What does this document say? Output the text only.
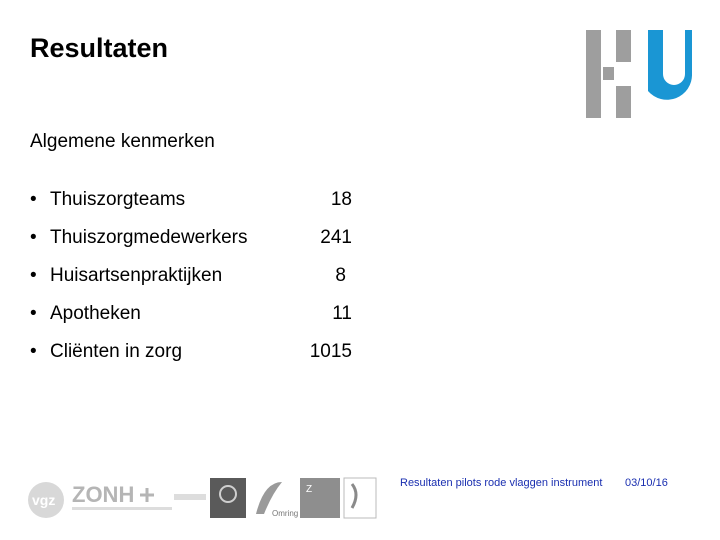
Resultaten
Algemene kenmerken
• Thuiszorgteams	18
• Thuiszorgmedewerkers	241
• Huisartsenpraktijken	8
• Apotheken	11
• Cliënten in zorg	1015
vgz ZONH
Omring
Z
Resultaten pilots rode vlaggen instrument 03/10/16
